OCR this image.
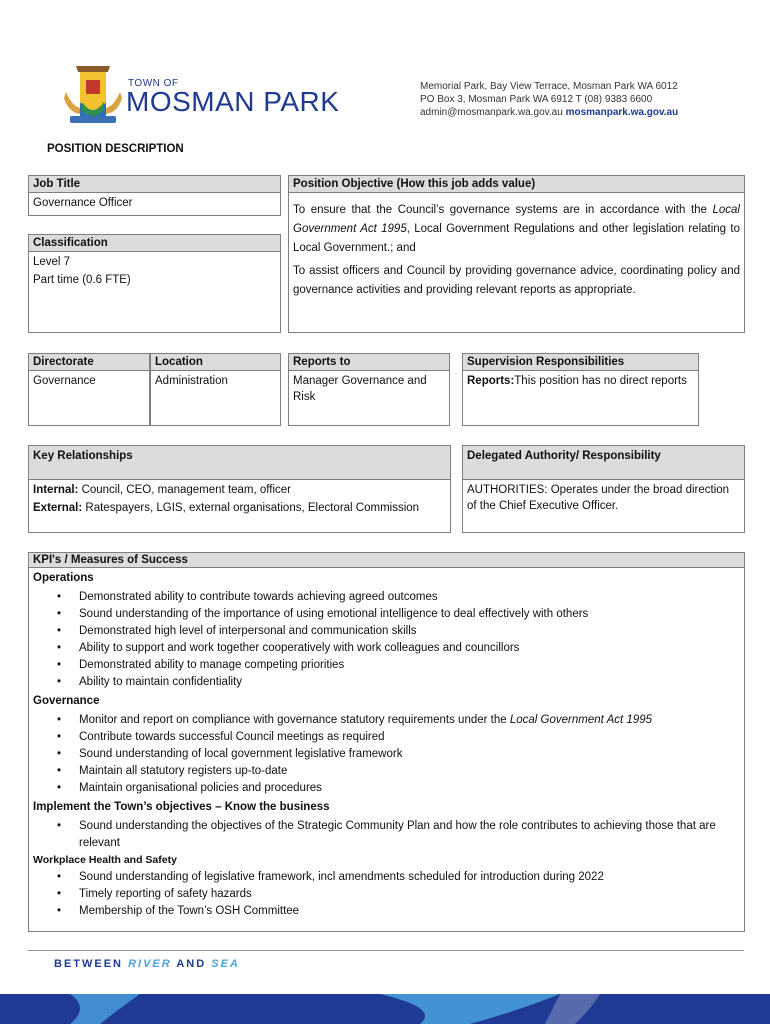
TOWN OF
MOSMAN PARK	Memorial Park, Bay View Terrace, Mosman Park WA 6012
PO Box 3, Mosman Park WA 6912 T (08) 9383 6600
admin@mosmanpark.wa.gov.au mosmanpark.wa.gov.au
POSITION DESCRIPTION
Job Title
Governance Officer
Classification
Level 7
Part time (0.6 FTE)
Position Objective (How this job adds value)
To ensure that the Council’s governance systems are in accordance with the Local Government Act 1995, Local Government Regulations and other legislation relating to Local Government.; and
To assist officers and Council by providing governance advice, coordinating policy and governance activities and providing relevant reports as appropriate.
Directorate
Governance
Location
Administration
Reports to
Manager Governance and Risk
Supervision Responsibilities
Reports:This position has no direct reports
Key Relationships
Internal: Council, CEO, management team, officer
External: Ratespayers, LGIS, external organisations, Electoral Commission
Delegated Authority/ Responsibility
AUTHORITIES: Operates under the broad direction of the Chief Executive Officer.
KPI's / Measures of Success
Operations
• Demonstrated ability to contribute towards achieving agreed outcomes
• Sound understanding of the importance of using emotional intelligence to deal effectively with others
• Demonstrated high level of interpersonal and communication skills
• Ability to support and work together cooperatively with work colleagues and councillors
• Demonstrated ability to manage competing priorities
• Ability to maintain confidentiality
Governance
• Monitor and report on compliance with governance statutory requirements under the Local Government Act 1995
• Contribute towards successful Council meetings as required
• Sound understanding of local government legislative framework
• Maintain all statutory registers up-to-date
• Maintain organisational policies and procedures
Implement the Town’s objectives – Know the business
• Sound understanding the objectives of the Strategic Community Plan and how the role contributes to achieving those that are relevant
Workplace Health and Safety
• Sound understanding of legislative framework, incl amendments scheduled for introduction during 2022
• Timely reporting of safety hazards
• Membership of the Town’s OSH Committee
BETWEEN RIVER AND SEA
